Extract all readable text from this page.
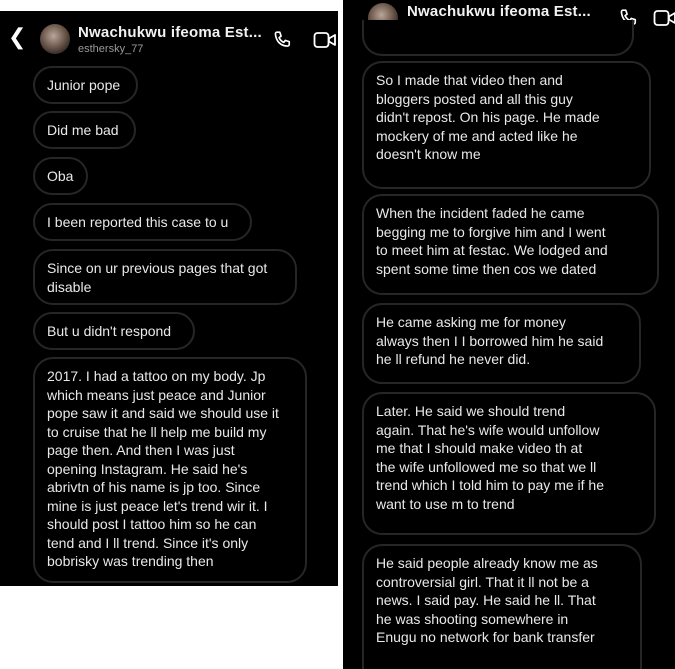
❮	Nwachukwu ifeoma Est...
esthersky_77
Junior pope
Did me bad
Oba
I been reported this case to u
Since on ur previous pages that got
disable
But u didn't respond
2017. I had a tattoo on my body. Jp
which means just peace and Junior
pope saw it and said we should use it
to cruise that he ll help me build my
page then. And then I was just
opening Instagram. He said he's
abrivtn of his name is jp too. Since
mine is just peace let's trend wir it. I
should post I tattoo him so he can
tend and I ll trend. Since it's only
bobrisky was trending then
Nwachukwu ifeoma Est...
So I made that video then and
bloggers posted and all this guy
didn't repost. On his page. He made
mockery of me and acted like he
doesn't know me
When the incident faded he came
begging me to forgive him and I went
to meet him at festac. We lodged and
spent some time then cos we dated
He came asking me for money
always then I I borrowed him he said
he ll refund he never did.
Later. He said we should trend
again. That he's wife would unfollow
me that I should make video th at
the wife unfollowed me so that we ll
trend which I told him to pay me if he
want to use m to trend
He said people already know me as
controversial girl. That it ll not be a
news. I said pay. He said he ll. That
he was shooting somewhere in
Enugu no network for bank transfer
